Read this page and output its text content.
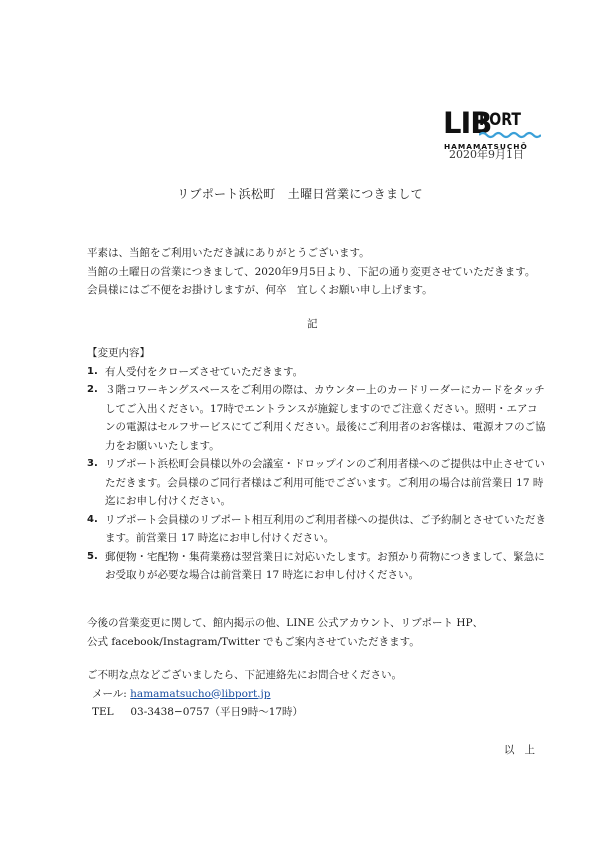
LIB
PORT
HAMAMATSUCHŌ
2020年9月1日
リブポート浜松町　土曜日営業につきまして

平素は、当館をご利用いただき誠にありがとうございます。

当館の土曜日の営業につきまして、2020年9月5日より、下記の通り変更させていただきます。

会員様にはご不便をお掛けしますが、何卒　宜しくお願い申し上げます。

記

【変更内容】

1. 有人受付をクローズさせていただきます。
2. ３階コワーキングスペースをご利用の際は、カウンター上のカードリーダーにカードをタッチしてご入出ください。17時でエントランスが施錠しますのでご注意ください。照明・エアコンの電源はセルフサービスにてご利用ください。最後にご利用者のお客様は、電源オフのご協力をお願いいたします。
3. リブポート浜松町会員様以外の会議室・ドロップインのご利用者様へのご提供は中止させていただきます。会員様のご同行者様はご利用可能でございます。ご利用の場合は前営業日 17 時迄にお申し付けください。
4. リブポート会員様のリブポート相互利用のご利用者様への提供は、ご予約制とさせていただきます。前営業日 17 時迄にお申し付けください。
5. 郵便物・宅配物・集荷業務は翌営業日に対応いたします。お預かり荷物につきまして、緊急にお受取りが必要な場合は前営業日 17 時迄にお申し付けください。

今後の営業変更に関して、館内掲示の他、LINE 公式アカウント、リブポート HP、

公式 facebook/Instagram/Twitter でもご案内させていただきます。

ご不明な点などございましたら、下記連絡先にお問合せください。

メール: hamamatsucho@libport.jp

TEL 03-3438−0757（平日9時〜17時）

以上
